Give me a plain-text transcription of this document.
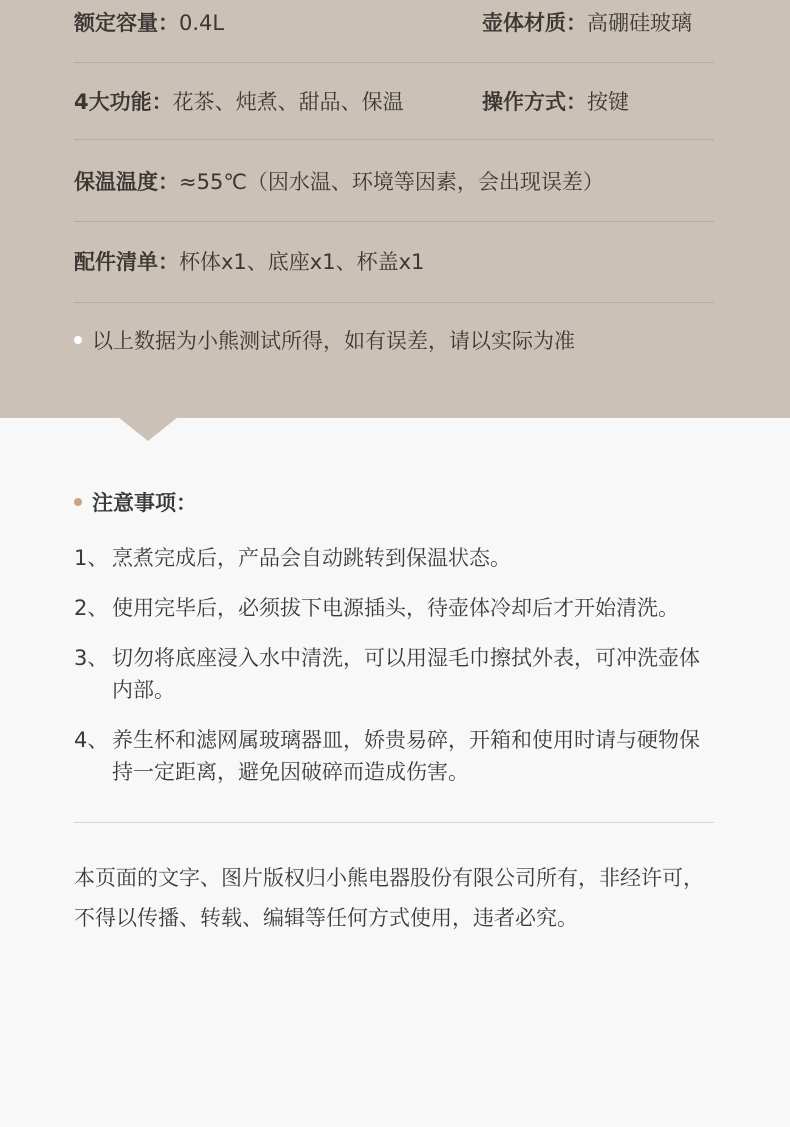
额定容量：0.4L	壶体材质：高硼硅玻璃
4大功能：花茶、炖煮、甜品、保温	操作方式：按键
保温温度：≈55℃（因水温、环境等因素，会出现误差）
配件清单：杯体x1、底座x1、杯盖x1
以上数据为小熊测试所得，如有误差，请以实际为准
注意事项：
1、 烹煮完成后，产品会自动跳转到保温状态。
2、 使用完毕后，必须拔下电源插头，待壶体冷却后才开始清洗。
3、 切勿将底座浸入水中清洗，可以用湿毛巾擦拭外表，可冲洗壶体内部。
4、 养生杯和滤网属玻璃器皿，娇贵易碎，开箱和使用时请与硬物保持一定距离，避免因破碎而造成伤害。

本页面的文字、图片版权归小熊电器股份有限公司所有，非经许可，不得以传播、转载、编辑等任何方式使用，违者必究。
